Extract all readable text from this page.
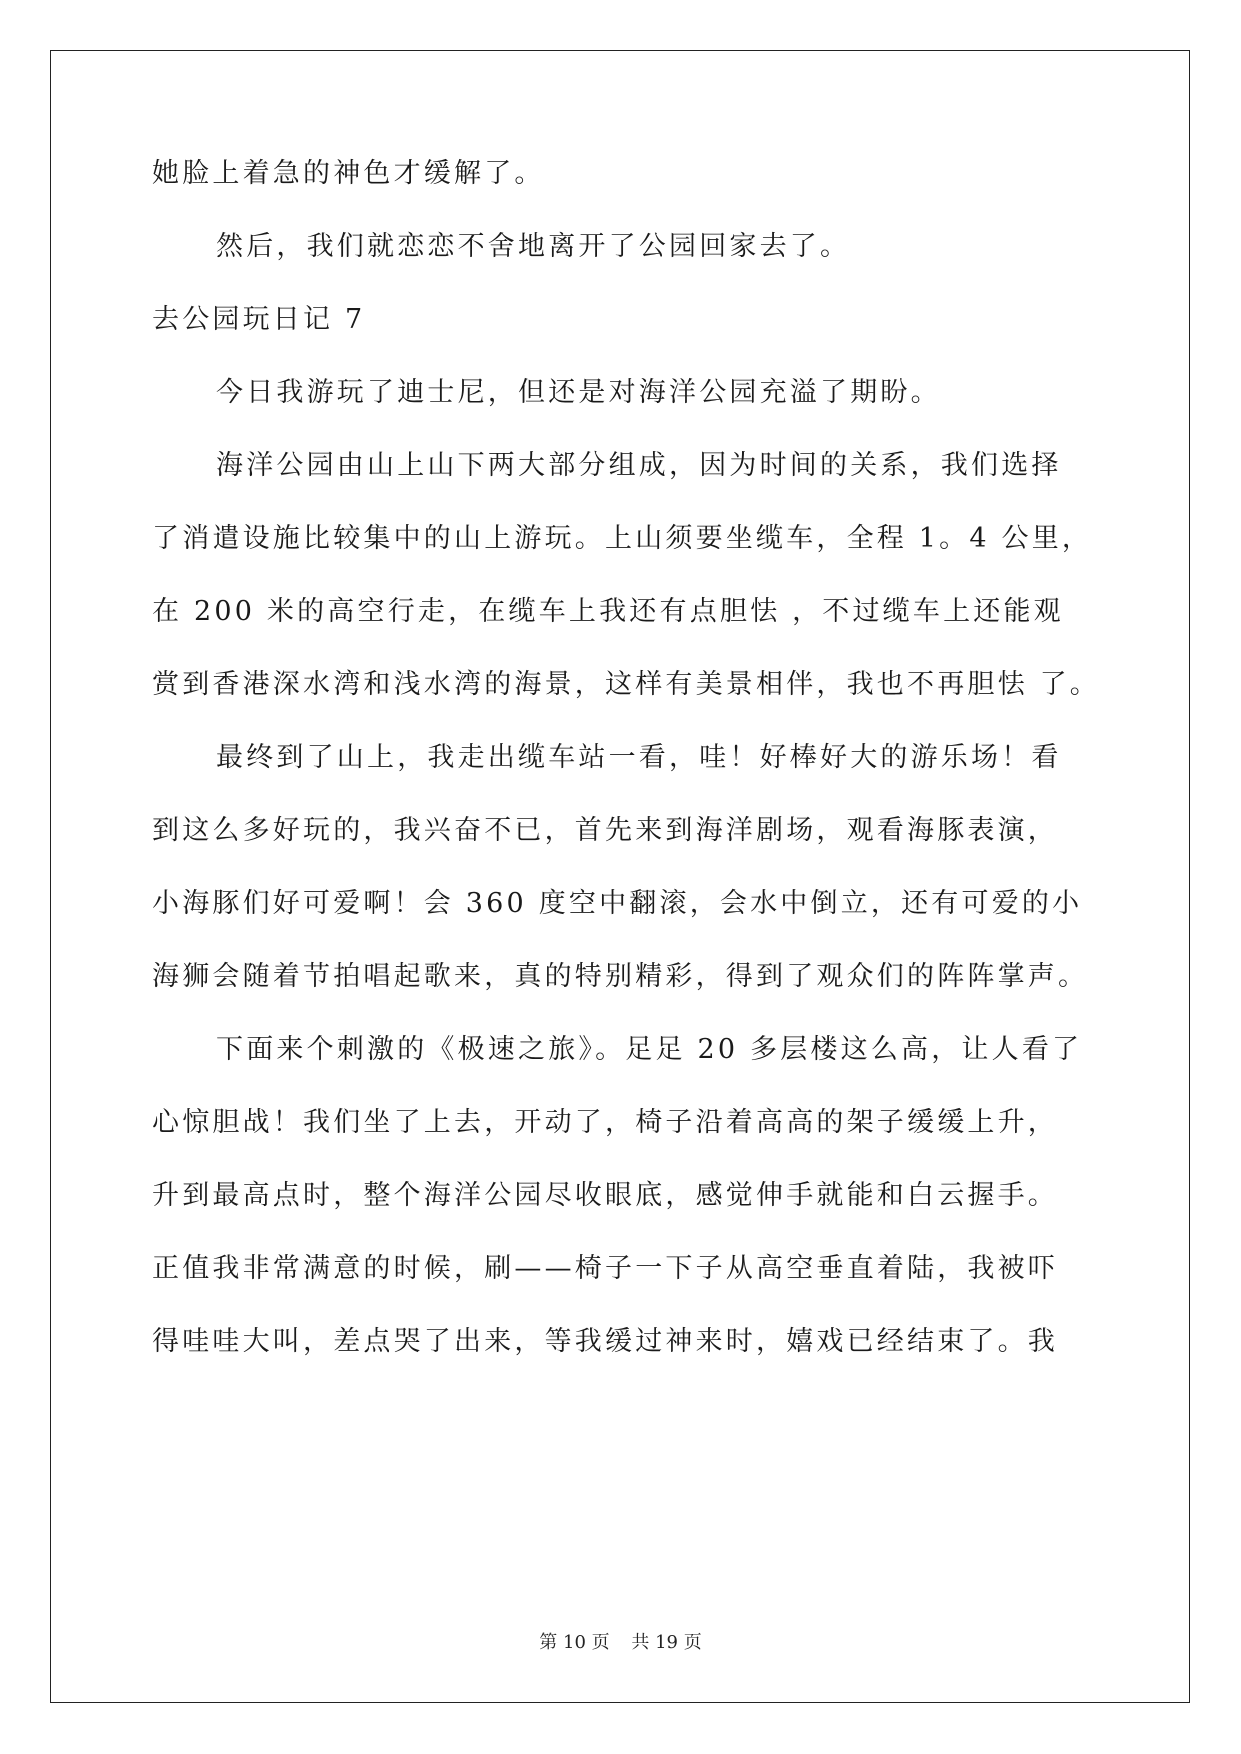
她脸上着急的神色才缓解了。
然后，我们就恋恋不舍地离开了公园回家去了。
去公园玩日记 7
今日我游玩了迪士尼，但还是对海洋公园充溢了期盼。
海洋公园由山上山下两大部分组成，因为时间的关系，我们选择
了消遣设施比较集中的山上游玩。上山须要坐缆车，全程 1。4 公里，
在 200 米的高空行走，在缆车上我还有点胆怯 ，不过缆车上还能观
赏到香港深水湾和浅水湾的海景，这样有美景相伴，我也不再胆怯 了。
最终到了山上，我走出缆车站一看，哇！好棒好大的游乐场！看
到这么多好玩的，我兴奋不已，首先来到海洋剧场，观看海豚表演，
小海豚们好可爱啊！会 360 度空中翻滚，会水中倒立，还有可爱的小
海狮会随着节拍唱起歌来，真的特别精彩，得到了观众们的阵阵掌声。
下面来个刺激的《极速之旅》。足足 20 多层楼这么高，让人看了
心惊胆战！我们坐了上去，开动了，椅子沿着高高的架子缓缓上升，
升到最高点时，整个海洋公园尽收眼底，感觉伸手就能和白云握手。
正值我非常满意的时候，刷——椅子一下子从高空垂直着陆，我被吓
得哇哇大叫，差点哭了出来，等我缓过神来时，嬉戏已经结束了。我
第 10 页 共 19 页
